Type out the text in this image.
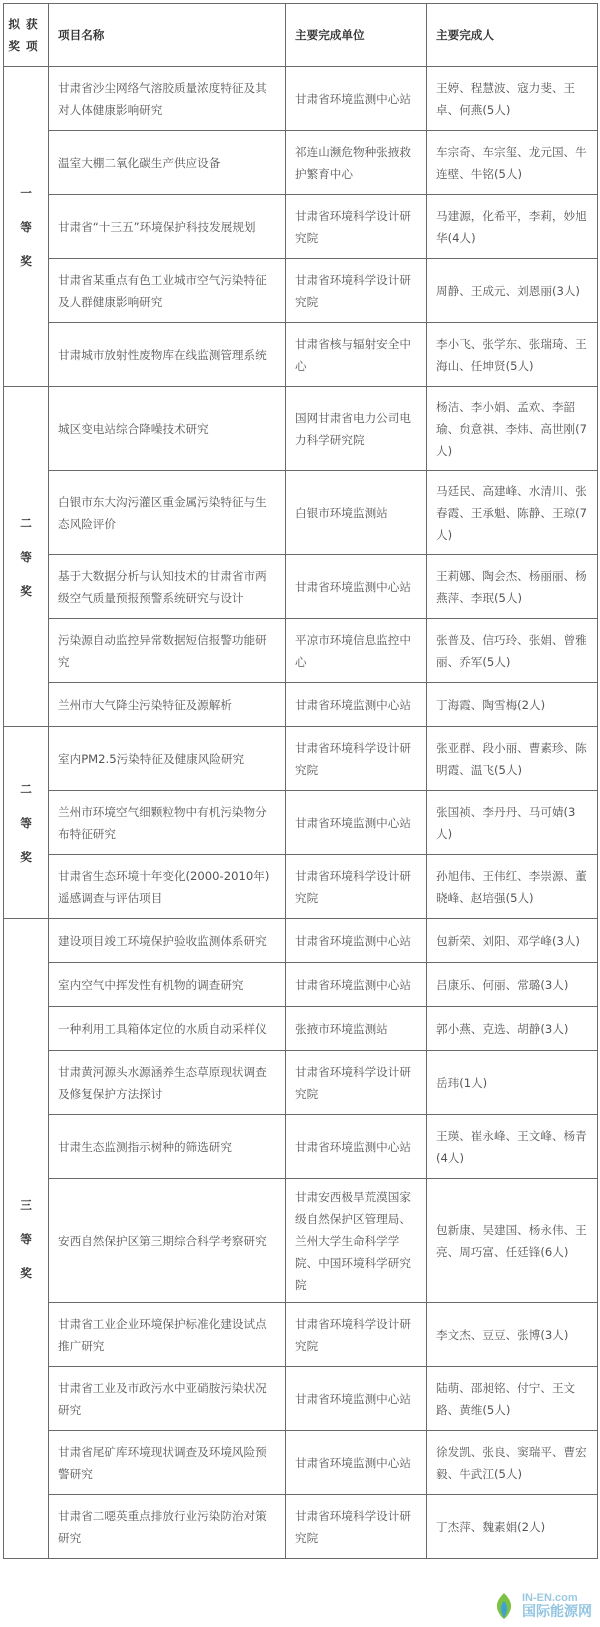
拟获
奖项	项目名称	主要完成单位	主要完成人

一
等
奖	甘肃省沙尘网络气溶胶质量浓度特征及其对人体健康影响研究	甘肃省环境监测中心站	王婷、程慧波、寇力斐、王卓、何燕(5人)
	温室大棚二氧化碳生产供应设备	祁连山濒危物种张掖救护繁育中心	车宗奇、车宗玺、龙元国、牛连壁、牛铭(5人)
	甘肃省“十三五”环境保护科技发展规划	甘肃省环境科学设计研究院	马建源，化希平，李莉，妙旭华(4人)
	甘肃省某重点有色工业城市空气污染特征及人群健康影响研究	甘肃省环境科学设计研究院	周静、王成元、刘恩丽(3人)
	甘肃城市放射性废物库在线监测管理系统	甘肃省核与辐射安全中心	李小飞、张学东、张瑞琦、王海山、任坤贤(5人)

二
等
奖	城区变电站综合降噪技术研究	国网甘肃省电力公司电力科学研究院	杨洁、李小娟、孟欢、李韶瑜、贠意祺、李炜、高世刚(7人)
	白银市东大沟污灌区重金属污染特征与生态风险评价	白银市环境监测站	马廷民、高建峰、水清川、张春霞、王承魁、陈静、王琼(7人)
	基于大数据分析与认知技术的甘肃省市两级空气质量预报预警系统研究与设计	甘肃省环境监测中心站	王莉娜、陶会杰、杨丽丽、杨燕萍、李珉(5人)
	污染源自动监控异常数据短信报警功能研究	平凉市环境信息监控中心	张普及、信巧玲、张娟、曾雅丽、乔军(5人)
	兰州市大气降尘污染特征及源解析	甘肃省环境监测中心站	丁海霞、陶雪梅(2人)

二
等
奖	室内PM2.5污染特征及健康风险研究	甘肃省环境科学设计研究院	张亚群、段小丽、曹素珍、陈明霞、温飞(5人)
	兰州市环境空气细颗粒物中有机污染物分布特征研究	甘肃省环境监测中心站	张国祯、李丹丹、马可婧(3人)
	甘肃省生态环境十年变化(2000-2010年)遥感调查与评估项目	甘肃省环境科学设计研究院	孙旭伟、王伟红、李崇源、董晓峰、赵培强(5人)

三
等
奖	建设项目竣工环境保护验收监测体系研究	甘肃省环境监测中心站	包新荣、刘阳、邓学峰(3人)
	室内空气中挥发性有机物的调查研究	甘肃省环境监测中心站	吕康乐、何丽、常璐(3人)
	一种利用工具箱体定位的水质自动采样仪	张掖市环境监测站	郭小燕、克选、胡静(3人)
	甘肃黄河源头水源涵养生态草原现状调查及修复保护方法探讨	甘肃省环境科学设计研究院	岳玮(1人)
	甘肃生态监测指示树种的筛选研究	甘肃省环境监测中心站	王瑛、崔永峰、王文峰、杨青(4人)
	安西自然保护区第三期综合科学考察研究	甘肃安西极旱荒漠国家级自然保护区管理局、兰州大学生命科学学院、中国环境科学研究院	包新康、吴建国、杨永伟、王亮、周巧富、任廷锋(6人)
	甘肃省工业企业环境保护标准化建设试点推广研究	甘肃省环境科学设计研究院	李文杰、豆豆、张博(3人)
	甘肃省工业及市政污水中亚硝胺污染状况研究	甘肃省环境监测中心站	陆萌、邵昶铭、付宁、王文路、黄维(5人)
	甘肃省尾矿库环境现状调查及环境风险预警研究	甘肃省环境监测中心站	徐发凯、张良、窦瑞平、曹宏毅、牛武江(5人)
	甘肃省二噁英重点排放行业污染防治对策研究	甘肃省环境科学设计研究院	丁杰萍、魏素娟(2人)
IN-EN.com
国际能源网
